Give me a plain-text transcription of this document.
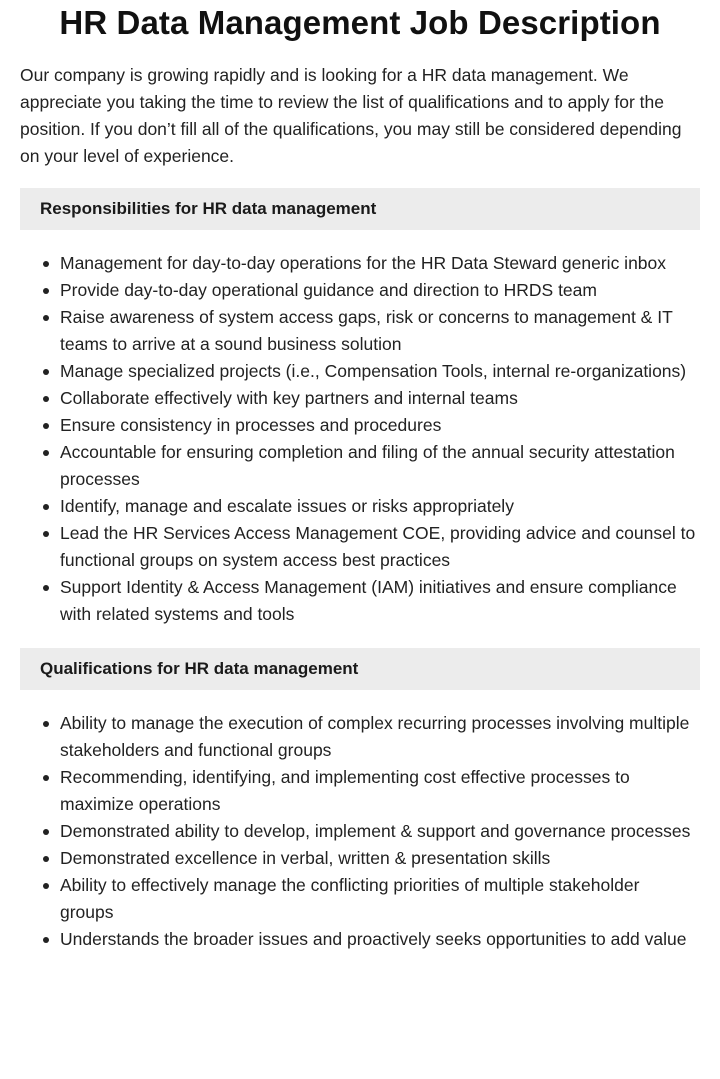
HR Data Management Job Description

Our company is growing rapidly and is looking for a HR data management. We appreciate you taking the time to review the list of qualifications and to apply for the position. If you don’t fill all of the qualifications, you may still be considered depending on your level of experience.

Responsibilities for HR data management
Management for day-to-day operations for the HR Data Steward generic inbox
Provide day-to-day operational guidance and direction to HRDS team
Raise awareness of system access gaps, risk or concerns to management & IT teams to arrive at a sound business solution
Manage specialized projects (i.e., Compensation Tools, internal re-organizations)
Collaborate effectively with key partners and internal teams
Ensure consistency in processes and procedures
Accountable for ensuring completion and filing of the annual security attestation processes
Identify, manage and escalate issues or risks appropriately
Lead the HR Services Access Management COE, providing advice and counsel to functional groups on system access best practices
Support Identity & Access Management (IAM) initiatives and ensure compliance with related systems and tools
Qualifications for HR data management
Ability to manage the execution of complex recurring processes involving multiple stakeholders and functional groups
Recommending, identifying, and implementing cost effective processes to maximize operations
Demonstrated ability to develop, implement & support and governance processes
Demonstrated excellence in verbal, written & presentation skills
Ability to effectively manage the conflicting priorities of multiple stakeholder groups
Understands the broader issues and proactively seeks opportunities to add value
